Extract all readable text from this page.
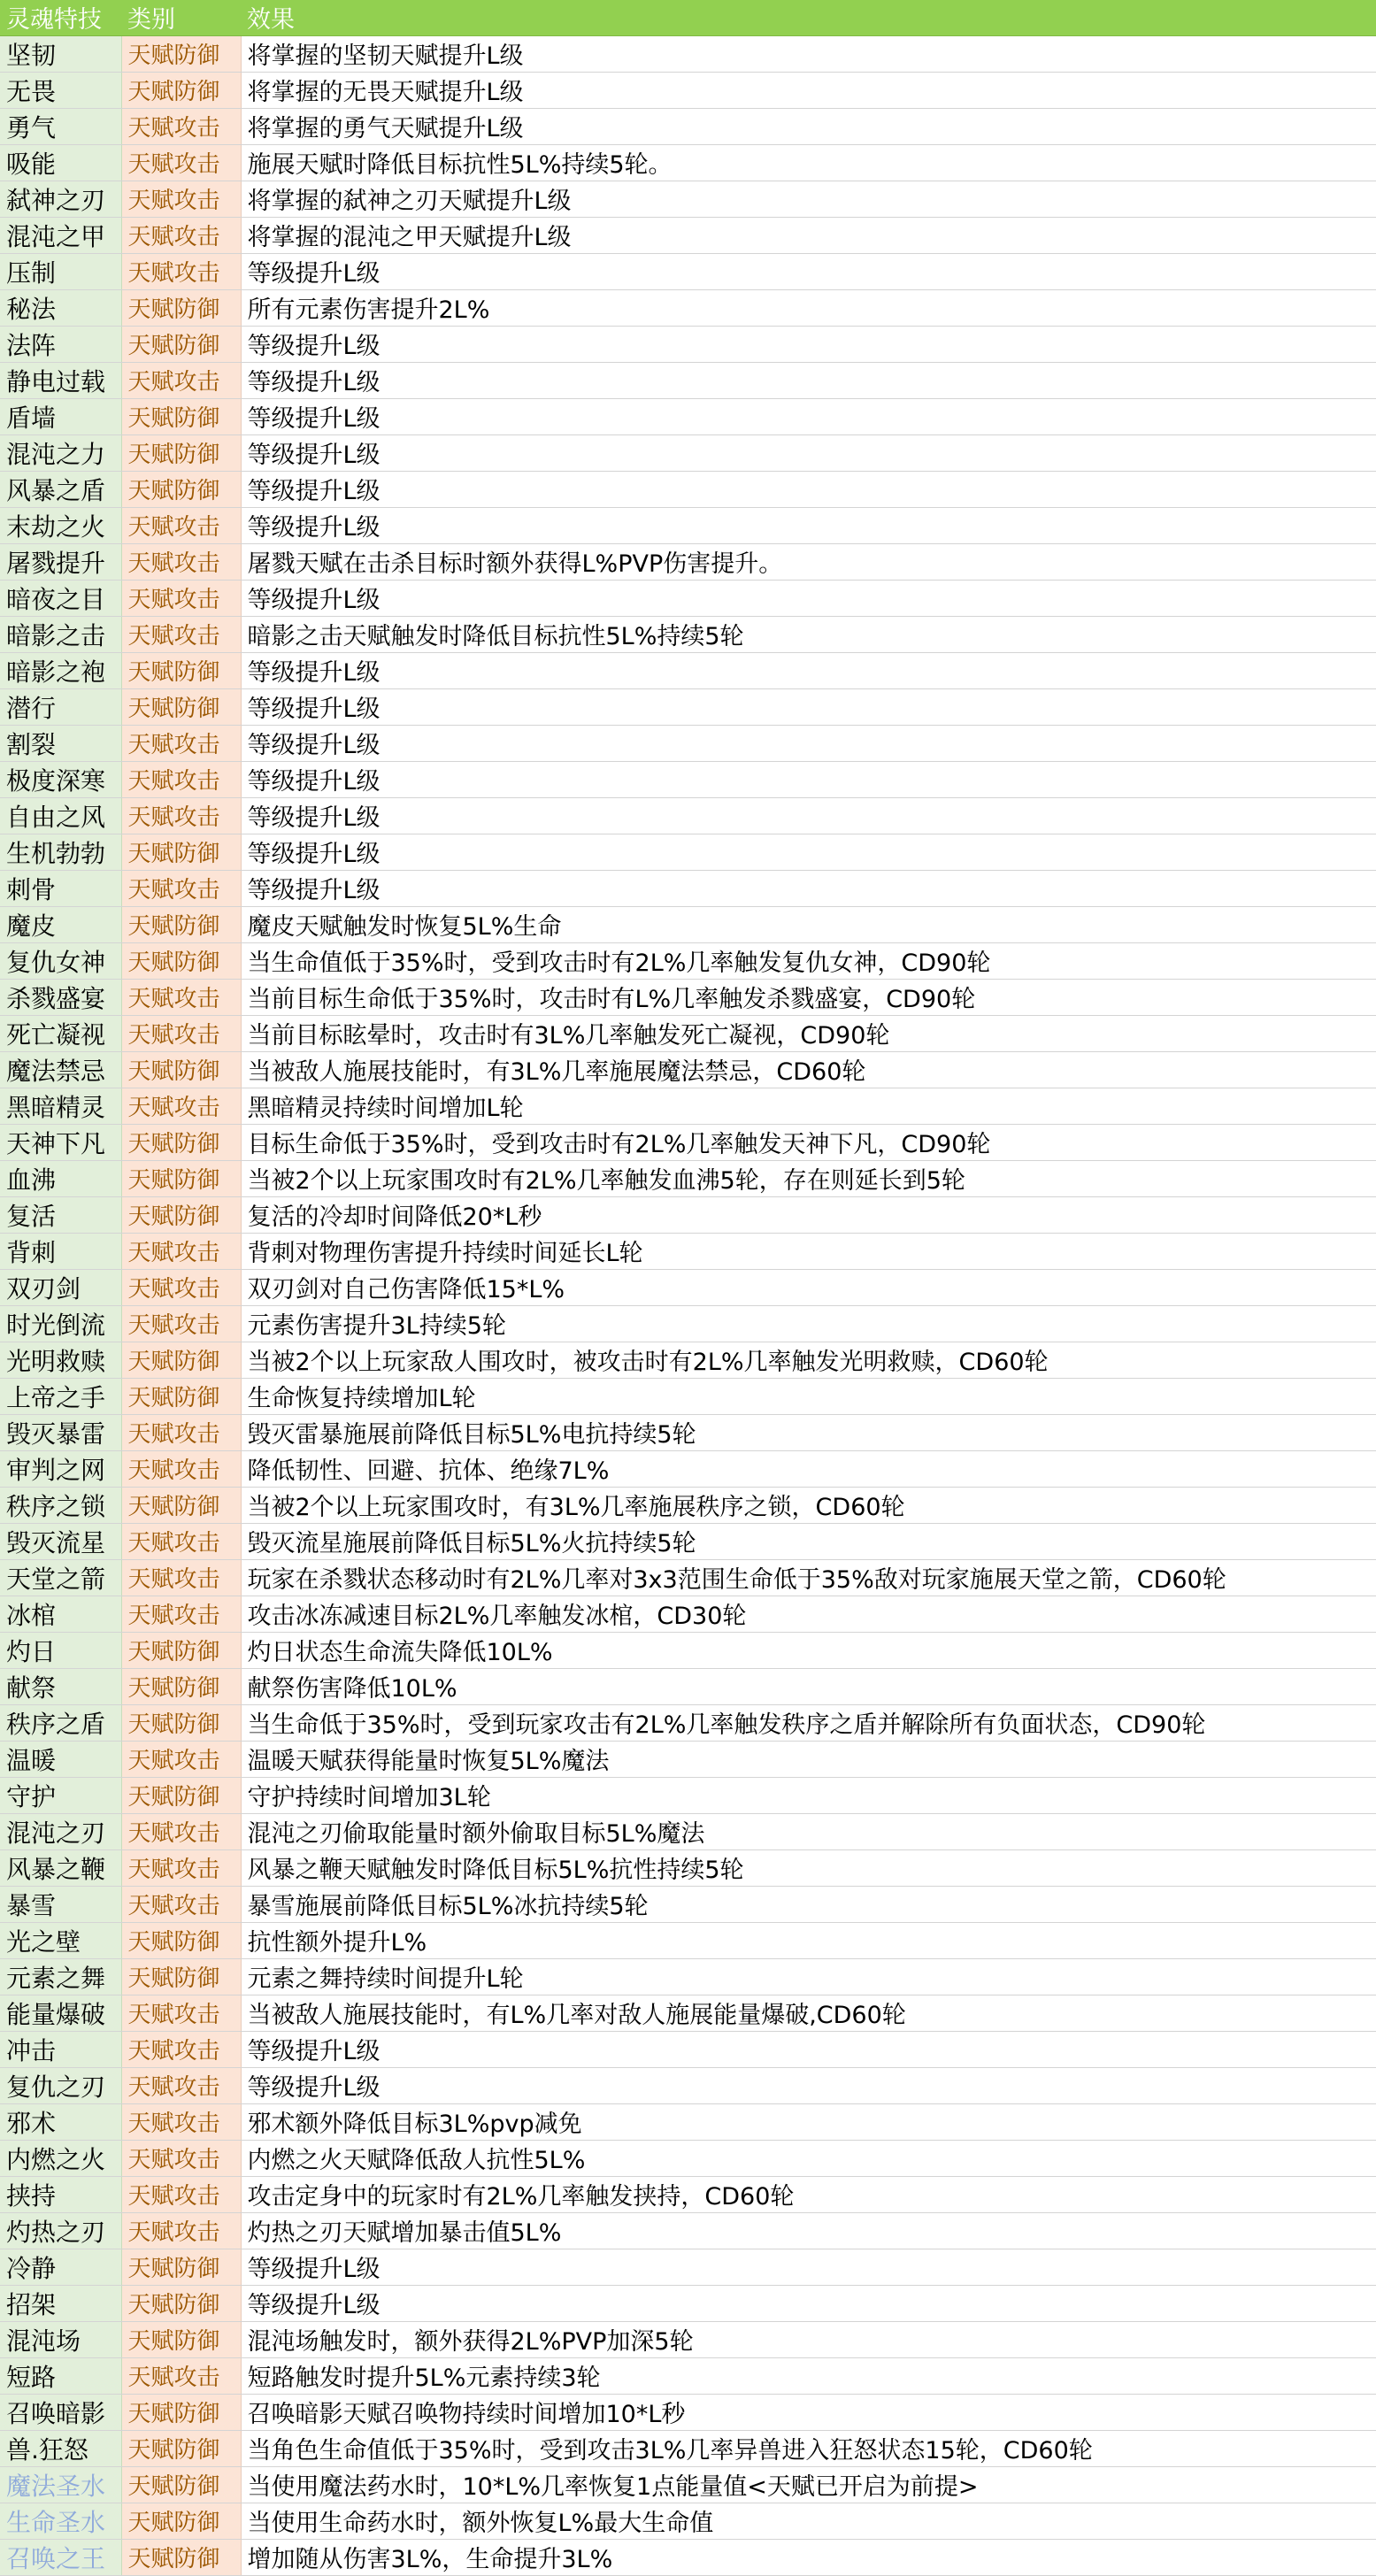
灵魂特技	类别	效果
坚韧	天赋防御	将掌握的坚韧天赋提升L级
无畏	天赋防御	将掌握的无畏天赋提升L级
勇气	天赋攻击	将掌握的勇气天赋提升L级
吸能	天赋攻击	施展天赋时降低目标抗性5L%持续5轮。
弑神之刃	天赋攻击	将掌握的弑神之刃天赋提升L级
混沌之甲	天赋攻击	将掌握的混沌之甲天赋提升L级
压制	天赋攻击	等级提升L级
秘法	天赋防御	所有元素伤害提升2L%
法阵	天赋防御	等级提升L级
静电过载	天赋攻击	等级提升L级
盾墙	天赋防御	等级提升L级
混沌之力	天赋防御	等级提升L级
风暴之盾	天赋防御	等级提升L级
末劫之火	天赋攻击	等级提升L级
屠戮提升	天赋攻击	屠戮天赋在击杀目标时额外获得L%PVP伤害提升。
暗夜之目	天赋攻击	等级提升L级
暗影之击	天赋攻击	暗影之击天赋触发时降低目标抗性5L%持续5轮
暗影之袍	天赋防御	等级提升L级
潜行	天赋防御	等级提升L级
割裂	天赋攻击	等级提升L级
极度深寒	天赋攻击	等级提升L级
自由之风	天赋攻击	等级提升L级
生机勃勃	天赋防御	等级提升L级
刺骨	天赋攻击	等级提升L级
魔皮	天赋防御	魔皮天赋触发时恢复5L%生命
复仇女神	天赋防御	当生命值低于35%时，受到攻击时有2L%几率触发复仇女神，CD90轮
杀戮盛宴	天赋攻击	当前目标生命低于35%时，攻击时有L%几率触发杀戮盛宴，CD90轮
死亡凝视	天赋攻击	当前目标眩晕时，攻击时有3L%几率触发死亡凝视，CD90轮
魔法禁忌	天赋防御	当被敌人施展技能时，有3L%几率施展魔法禁忌，CD60轮
黑暗精灵	天赋攻击	黑暗精灵持续时间增加L轮
天神下凡	天赋防御	目标生命低于35%时，受到攻击时有2L%几率触发天神下凡，CD90轮
血沸	天赋防御	当被2个以上玩家围攻时有2L%几率触发血沸5轮，存在则延长到5轮
复活	天赋防御	复活的冷却时间降低20*L秒
背刺	天赋攻击	背刺对物理伤害提升持续时间延长L轮
双刃剑	天赋攻击	双刃剑对自己伤害降低15*L%
时光倒流	天赋攻击	元素伤害提升3L持续5轮
光明救赎	天赋防御	当被2个以上玩家敌人围攻时，被攻击时有2L%几率触发光明救赎，CD60轮
上帝之手	天赋防御	生命恢复持续增加L轮
毁灭暴雷	天赋攻击	毁灭雷暴施展前降低目标5L%电抗持续5轮
审判之网	天赋攻击	降低韧性、回避、抗体、绝缘7L%
秩序之锁	天赋防御	当被2个以上玩家围攻时，有3L%几率施展秩序之锁，CD60轮
毁灭流星	天赋攻击	毁灭流星施展前降低目标5L%火抗持续5轮
天堂之箭	天赋攻击	玩家在杀戮状态移动时有2L%几率对3x3范围生命低于35%敌对玩家施展天堂之箭，CD60轮
冰棺	天赋攻击	攻击冰冻减速目标2L%几率触发冰棺，CD30轮
灼日	天赋防御	灼日状态生命流失降低10L%
献祭	天赋防御	献祭伤害降低10L%
秩序之盾	天赋防御	当生命低于35%时，受到玩家攻击有2L%几率触发秩序之盾并解除所有负面状态，CD90轮
温暖	天赋攻击	温暖天赋获得能量时恢复5L%魔法
守护	天赋防御	守护持续时间增加3L轮
混沌之刃	天赋攻击	混沌之刃偷取能量时额外偷取目标5L%魔法
风暴之鞭	天赋攻击	风暴之鞭天赋触发时降低目标5L%抗性持续5轮
暴雪	天赋攻击	暴雪施展前降低目标5L%冰抗持续5轮
光之壁	天赋防御	抗性额外提升L%
元素之舞	天赋防御	元素之舞持续时间提升L轮
能量爆破	天赋攻击	当被敌人施展技能时，有L%几率对敌人施展能量爆破,CD60轮
冲击	天赋攻击	等级提升L级
复仇之刃	天赋攻击	等级提升L级
邪术	天赋攻击	邪术额外降低目标3L%pvp减免
内燃之火	天赋攻击	内燃之火天赋降低敌人抗性5L%
挟持	天赋攻击	攻击定身中的玩家时有2L%几率触发挟持，CD60轮
灼热之刃	天赋攻击	灼热之刃天赋增加暴击值5L%
冷静	天赋防御	等级提升L级
招架	天赋防御	等级提升L级
混沌场	天赋防御	混沌场触发时，额外获得2L%PVP加深5轮
短路	天赋攻击	短路触发时提升5L%元素持续3轮
召唤暗影	天赋防御	召唤暗影天赋召唤物持续时间增加10*L秒
兽.狂怒	天赋防御	当角色生命值低于35%时，受到攻击3L%几率异兽进入狂怒状态15轮，CD60轮
魔法圣水	天赋防御	当使用魔法药水时，10*L%几率恢复1点能量值<天赋已开启为前提>
生命圣水	天赋防御	当使用生命药水时，额外恢复L%最大生命值
召唤之王	天赋防御	增加随从伤害3L%，生命提升3L%
